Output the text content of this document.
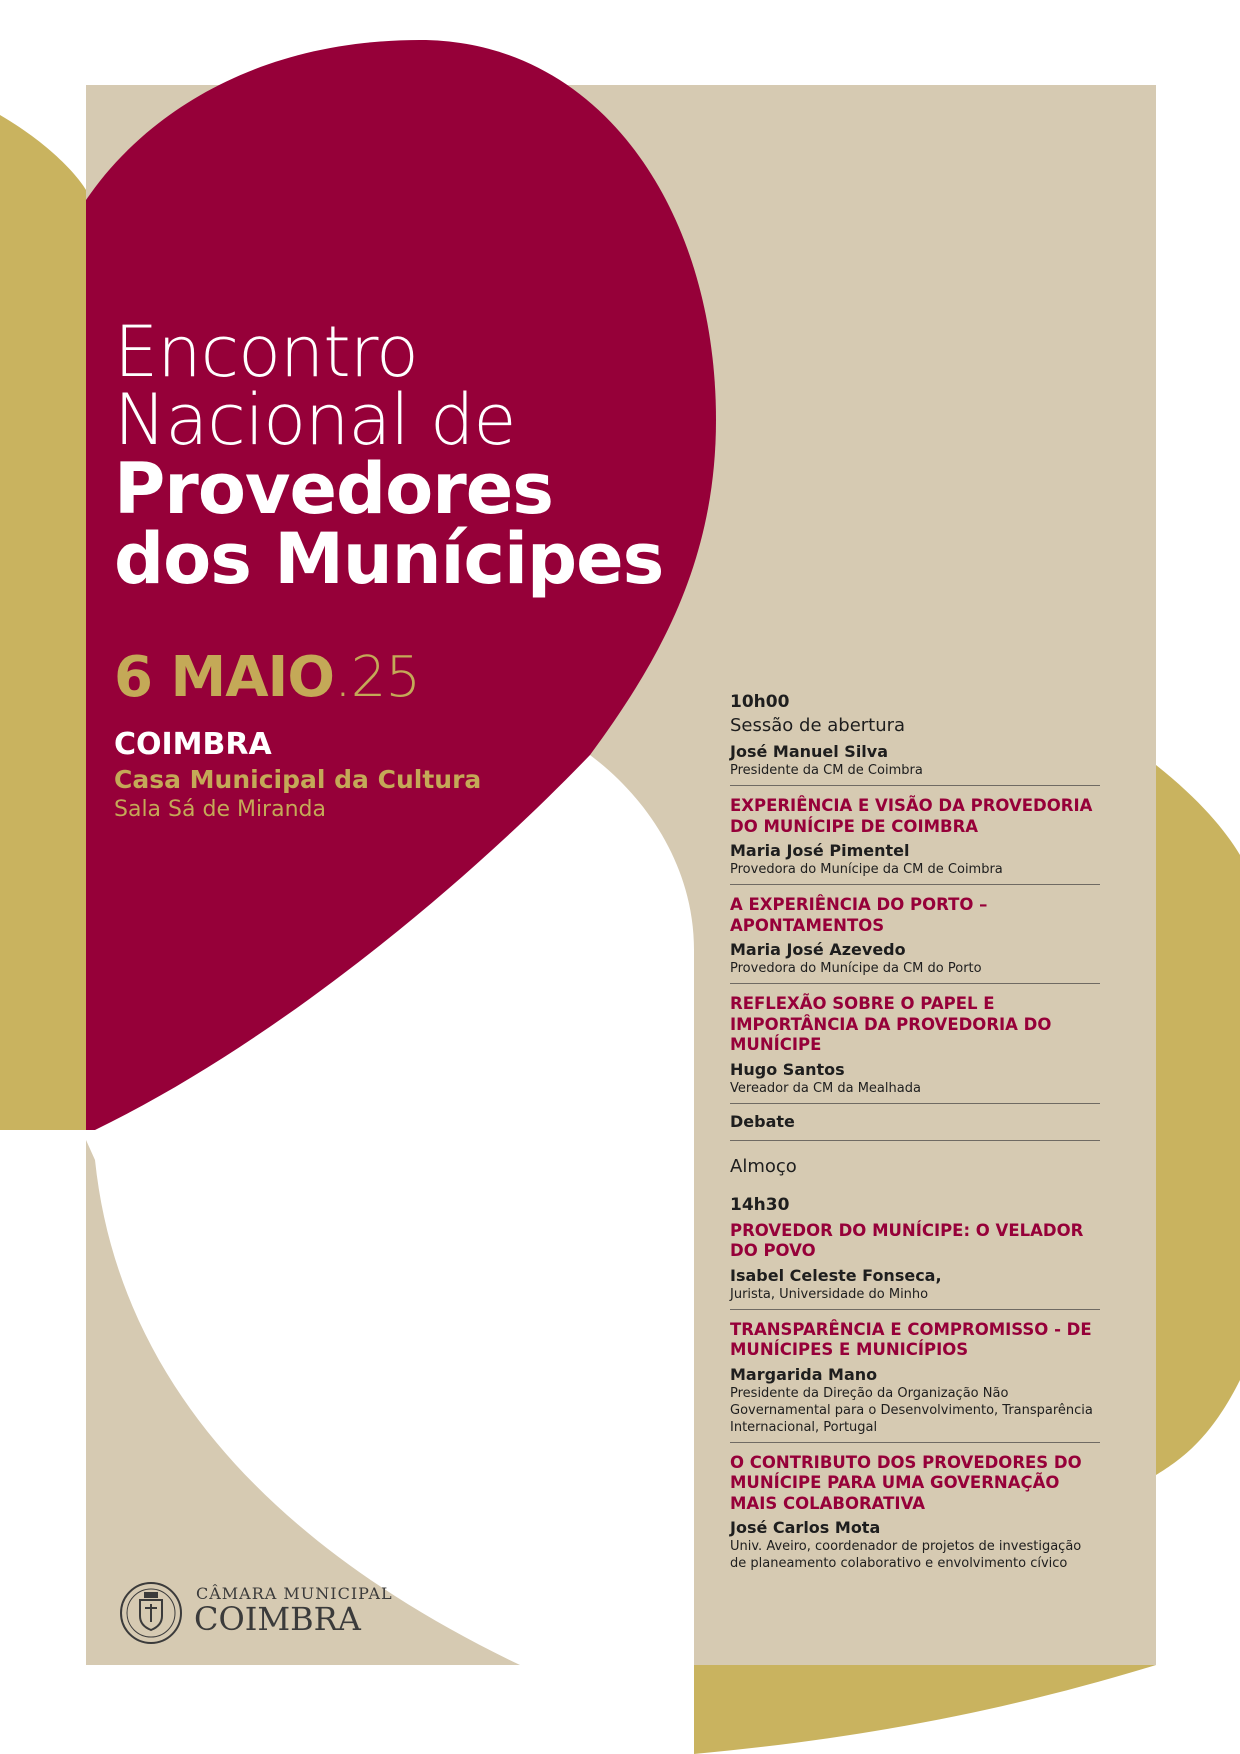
Encontro
Nacional de
Provedores
dos Munícipes
6 MAIO.25
COIMBRA
Casa Municipal da Cultura
Sala Sá de Miranda
10h00
Sessão de abertura
José Manuel Silva
Presidente da CM de Coimbra
EXPERIÊNCIA E VISÃO DA PROVEDORIA DO MUNÍCIPE DE COIMBRA
Maria José Pimentel
Provedora do Munícipe da CM de Coimbra
A EXPERIÊNCIA DO PORTO – APONTAMENTOS
Maria José Azevedo
Provedora do Munícipe da CM do Porto
REFLEXÃO SOBRE O PAPEL E IMPORTÂNCIA DA PROVEDORIA DO MUNÍCIPE
Hugo Santos
Vereador da CM da Mealhada
Debate
Almoço
14h30
PROVEDOR DO MUNÍCIPE: O VELADOR DO POVO
Isabel Celeste Fonseca,
Jurista, Universidade do Minho
TRANSPARÊNCIA E COMPROMISSO - DE MUNÍCIPES E MUNICÍPIOS
Margarida Mano
Presidente da Direção da Organização Não Governamental para o Desenvolvimento, Transparência Internacional, Portugal
O CONTRIBUTO DOS PROVEDORES DO MUNÍCIPE PARA UMA GOVERNAÇÃO MAIS COLABORATIVA
José Carlos Mota
Univ. Aveiro, coordenador de projetos de investigação de planeamento colaborativo e envolvimento cívico
CÂMARA MUNICIPAL
COIMBRA
